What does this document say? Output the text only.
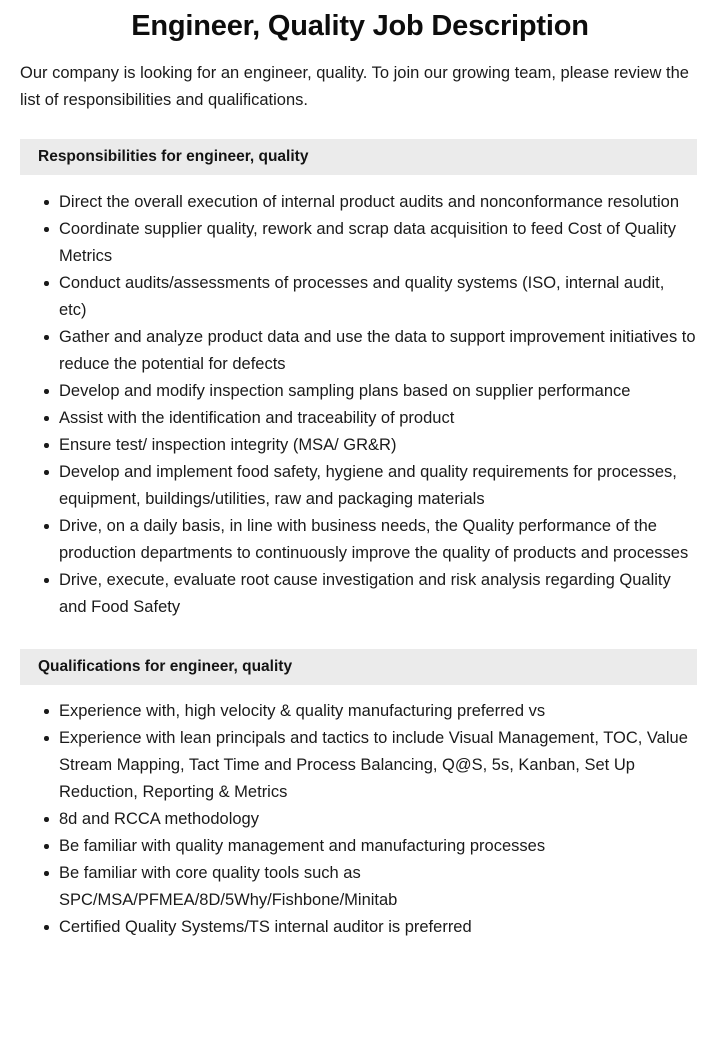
Engineer, Quality Job Description

Our company is looking for an engineer, quality. To join our growing team, please review the list of responsibilities and qualifications.

Responsibilities for engineer, quality
Direct the overall execution of internal product audits and nonconformance resolution
Coordinate supplier quality, rework and scrap data acquisition to feed Cost of Quality Metrics
Conduct audits/assessments of processes and quality systems (ISO, internal audit, etc)
Gather and analyze product data and use the data to support improvement initiatives to reduce the potential for defects
Develop and modify inspection sampling plans based on supplier performance
Assist with the identification and traceability of product
Ensure test/ inspection integrity (MSA/ GR&R)
Develop and implement food safety, hygiene and quality requirements for processes, equipment, buildings/utilities, raw and packaging materials
Drive, on a daily basis, in line with business needs, the Quality performance of the production departments to continuously improve the quality of products and processes
Drive, execute, evaluate root cause investigation and risk analysis regarding Quality and Food Safety
Qualifications for engineer, quality
Experience with, high velocity & quality manufacturing preferred vs
Experience with lean principals and tactics to include Visual Management, TOC, Value Stream Mapping, Tact Time and Process Balancing, Q@S, 5s, Kanban, Set Up Reduction, Reporting & Metrics
8d and RCCA methodology
Be familiar with quality management and manufacturing processes
Be familiar with core quality tools such as SPC/MSA/PFMEA/8D/5Why/Fishbone/Minitab
Certified Quality Systems/TS internal auditor is preferred
